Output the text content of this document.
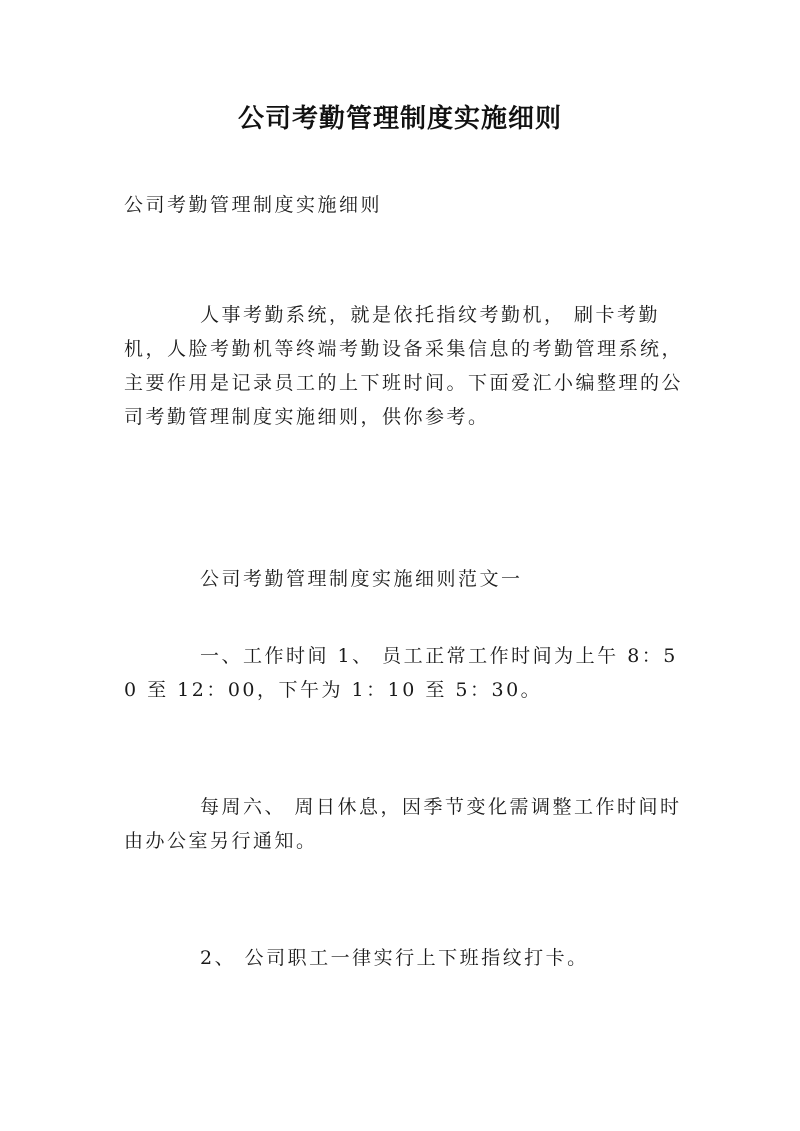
公司考勤管理制度实施细则

公司考勤管理制度实施细则

人事考勤系统，就是依托指纹考勤机， 刷卡考勤机，人脸考勤机等终端考勤设备采集信息的考勤管理系统，主要作用是记录员工的上下班时间。下面爱汇小编整理的公司考勤管理制度实施细则，供你参考。

公司考勤管理制度实施细则范文一

一、工作时间 1、 员工正常工作时间为上午 8：50 至 12：00，下午为 1：10 至 5：30。

每周六、 周日休息，因季节变化需调整工作时间时由办公室另行通知。

2、 公司职工一律实行上下班指纹打卡。
